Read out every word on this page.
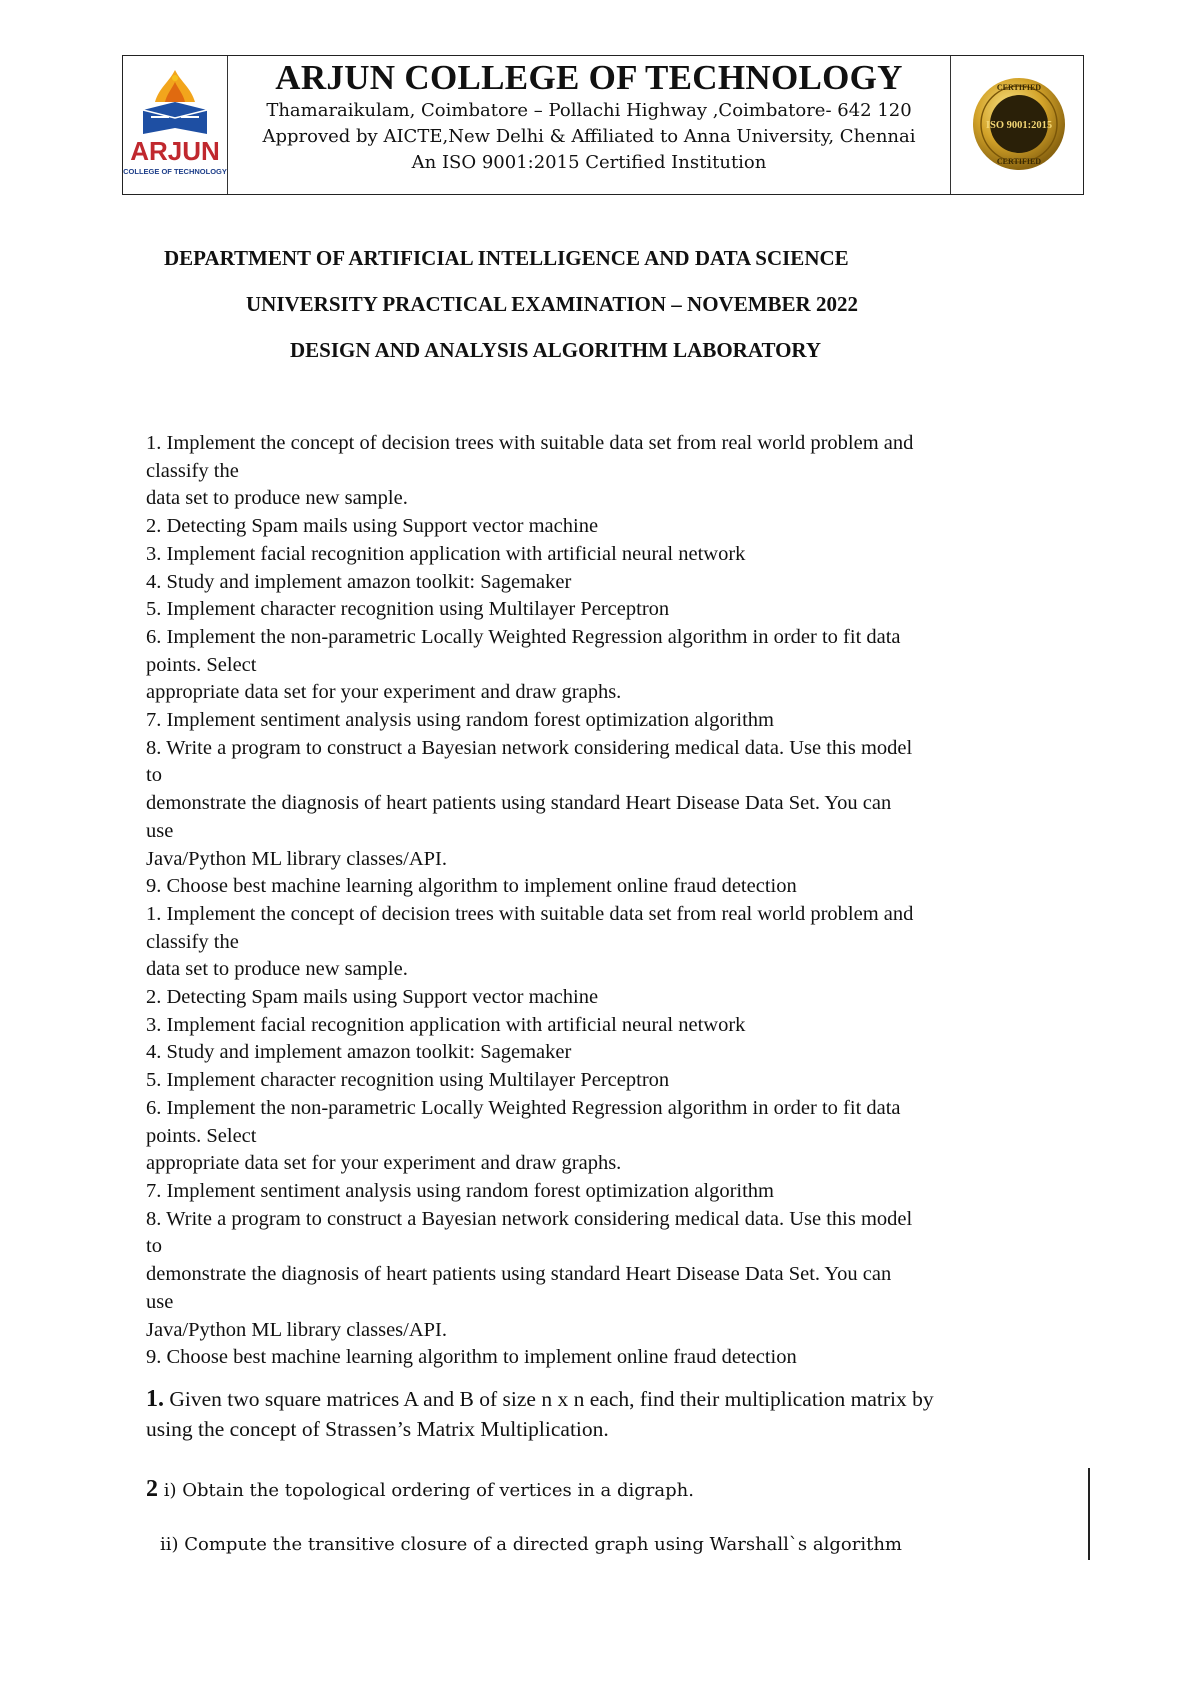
ARJUN
COLLEGE OF TECHNOLOGY
ARJUN COLLEGE OF TECHNOLOGY
Thamaraikulam, Coimbatore – Pollachi Highway ,Coimbatore- 642 120
Approved by AICTE,New Delhi & Affiliated to Anna University, Chennai
An ISO 9001:2015 Certified Institution
ISO 9001:2015
CERTIFIED
CERTIFIED
DEPARTMENT OF ARTIFICIAL INTELLIGENCE AND DATA SCIENCE
UNIVERSITY PRACTICAL EXAMINATION – NOVEMBER 2022
DESIGN AND ANALYSIS ALGORITHM LABORATORY
1. Implement the concept of decision trees with suitable data set from real world problem and
classify the
data set to produce new sample.
2. Detecting Spam mails using Support vector machine
3. Implement facial recognition application with artificial neural network
4. Study and implement amazon toolkit: Sagemaker
5. Implement character recognition using Multilayer Perceptron
6. Implement the non-parametric Locally Weighted Regression algorithm in order to fit data
points. Select
appropriate data set for your experiment and draw graphs.
7. Implement sentiment analysis using random forest optimization algorithm
8. Write a program to construct a Bayesian network considering medical data. Use this model
to
demonstrate the diagnosis of heart patients using standard Heart Disease Data Set. You can
use
Java/Python ML library classes/API.
9. Choose best machine learning algorithm to implement online fraud detection
1. Implement the concept of decision trees with suitable data set from real world problem and
classify the
data set to produce new sample.
2. Detecting Spam mails using Support vector machine
3. Implement facial recognition application with artificial neural network
4. Study and implement amazon toolkit: Sagemaker
5. Implement character recognition using Multilayer Perceptron
6. Implement the non-parametric Locally Weighted Regression algorithm in order to fit data
points. Select
appropriate data set for your experiment and draw graphs.
7. Implement sentiment analysis using random forest optimization algorithm
8. Write a program to construct a Bayesian network considering medical data. Use this model
to
demonstrate the diagnosis of heart patients using standard Heart Disease Data Set. You can
use
Java/Python ML library classes/API.
9. Choose best machine learning algorithm to implement online fraud detection
1. Given two square matrices A and B of size n x n each, find their multiplication matrix by
using the concept of Strassen’s Matrix Multiplication.
2 i) Obtain the topological ordering of vertices in a digraph.
ii) Compute the transitive closure of a directed graph using Warshall`s algorithm
